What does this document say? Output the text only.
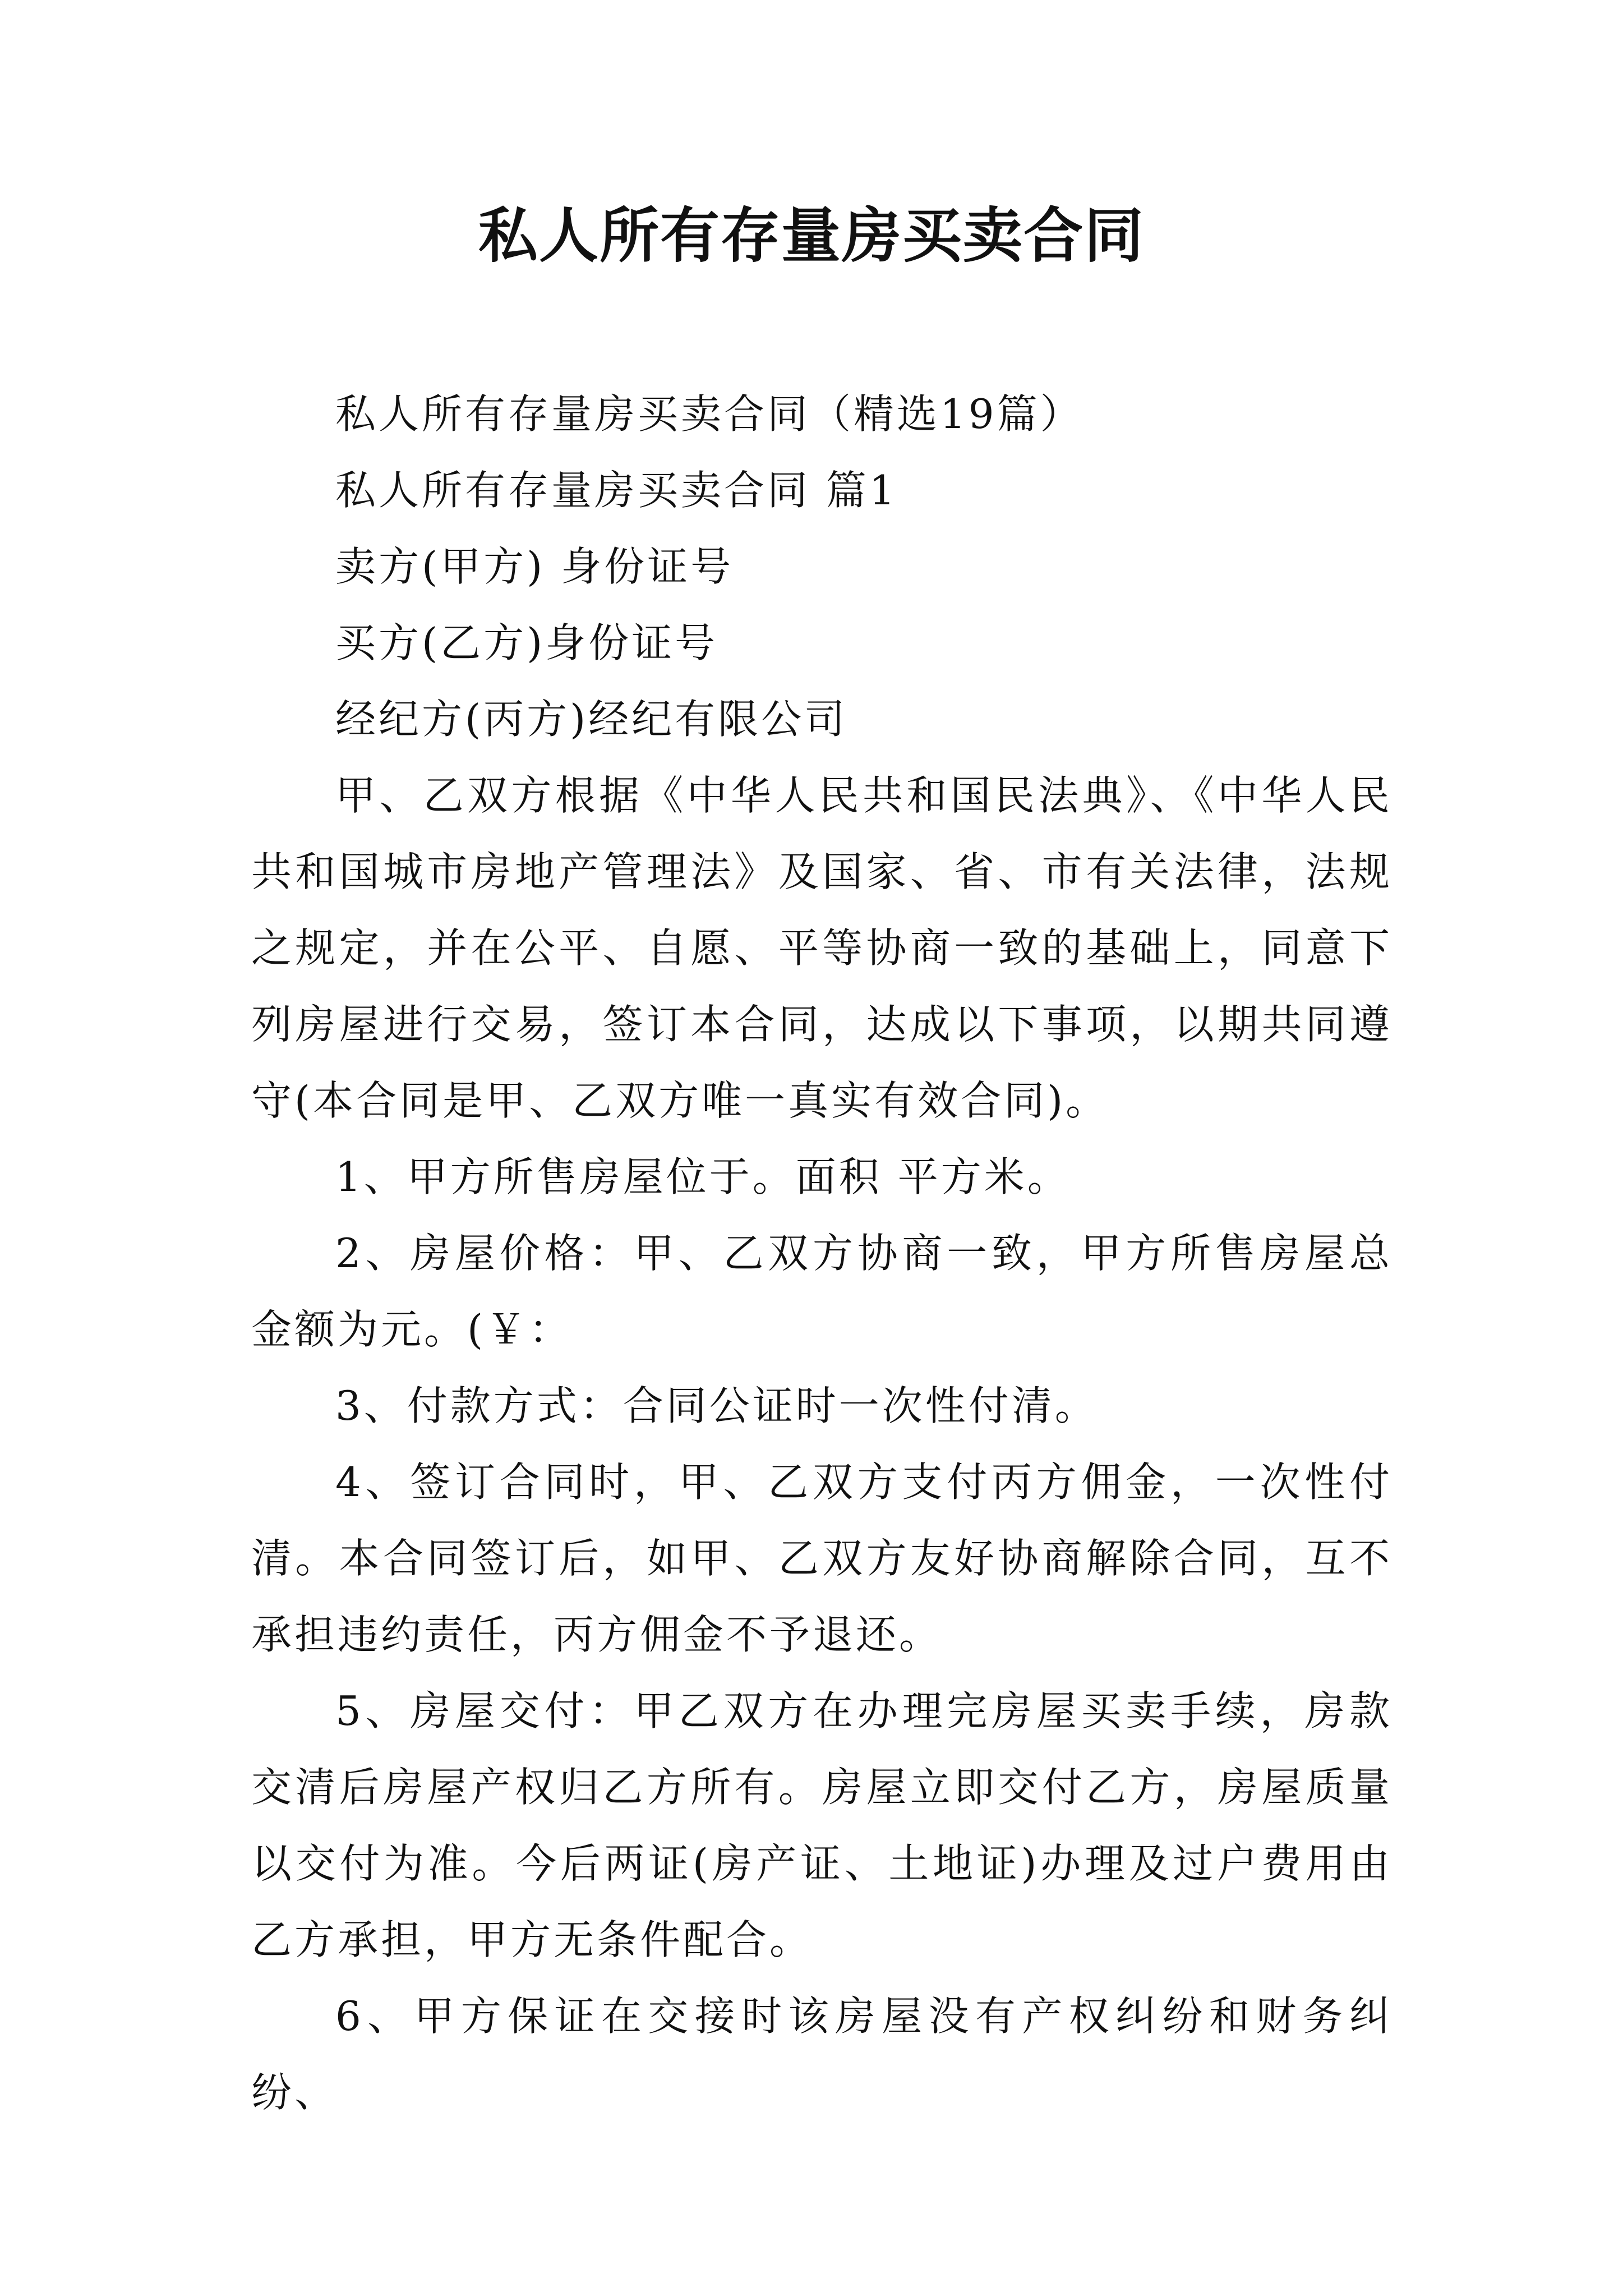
私人所有存量房买卖合同

私人所有存量房买卖合同（精选19篇）

私人所有存量房买卖合同 篇1

卖方(甲方) 身份证号

买方(乙方)身份证号

经纪方(丙方)经纪有限公司

甲、乙双方根据《中华人民共和国民法典》、《中华人民共和国城市房地产管理法》及国家、省、市有关法律，法规之规定，并在公平、自愿、平等协商一致的基础上，同意下列房屋进行交易，签订本合同，达成以下事项，以期共同遵守(本合同是甲、乙双方唯一真实有效合同)。

1、甲方所售房屋位于。面积 平方米。

2、房屋价格：甲、乙双方协商一致，甲方所售房屋总金额为元。(￥：

3、付款方式：合同公证时一次性付清。

4、签订合同时，甲、乙双方支付丙方佣金，一次性付清。本合同签订后，如甲、乙双方友好协商解除合同，互不承担违约责任，丙方佣金不予退还。

5、房屋交付：甲乙双方在办理完房屋买卖手续，房款交清后房屋产权归乙方所有。房屋立即交付乙方，房屋质量以交付为准。今后两证(房产证、土地证)办理及过户费用由乙方承担，甲方无条件配合。

6、甲方保证在交接时该房屋没有产权纠纷和财务纠纷、
